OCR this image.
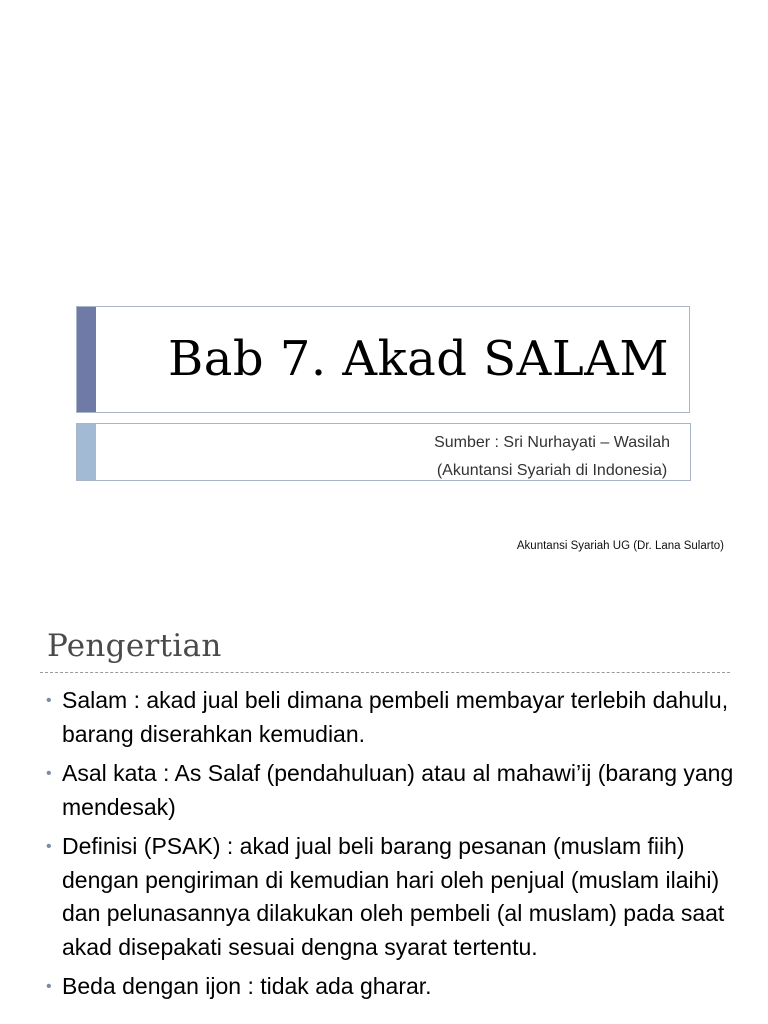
Bab 7. Akad SALAM
Sumber : Sri Nurhayati – Wasilah
(Akuntansi Syariah di Indonesia)
Akuntansi Syariah UG (Dr. Lana Sularto)
Pengertian
• Salam : akad jual beli dimana pembeli membayar terlebih dahulu, barang diserahkan kemudian.
• Asal kata : As Salaf (pendahuluan) atau al mahawi’ij (barang yang mendesak)
• Definisi (PSAK) : akad jual beli barang pesanan (muslam fiih) dengan pengiriman di kemudian hari oleh penjual (muslam ilaihi) dan pelunasannya dilakukan oleh pembeli (al muslam) pada saat akad disepakati sesuai dengna syarat tertentu.
• Beda dengan ijon : tidak ada gharar.
